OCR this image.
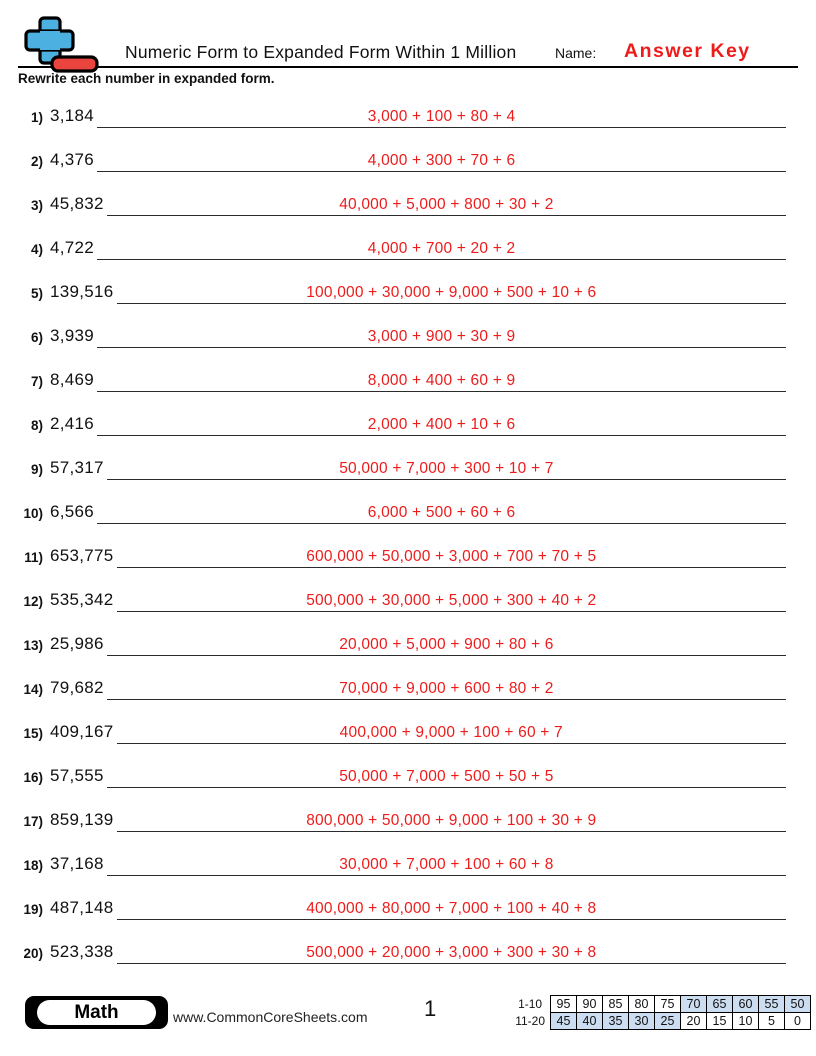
Numeric Form to Expanded Form Within 1 Million	Name: Answer Key
Rewrite each number in expanded form.
1) 3,184	3,000 + 100 + 80 + 4
2) 4,376	4,000 + 300 + 70 + 6
3) 45,832	40,000 + 5,000 + 800 + 30 + 2
4) 4,722	4,000 + 700 + 20 + 2
5) 139,516	100,000 + 30,000 + 9,000 + 500 + 10 + 6
6) 3,939	3,000 + 900 + 30 + 9
7) 8,469	8,000 + 400 + 60 + 9
8) 2,416	2,000 + 400 + 10 + 6
9) 57,317	50,000 + 7,000 + 300 + 10 + 7
10) 6,566	6,000 + 500 + 60 + 6
11) 653,775	600,000 + 50,000 + 3,000 + 700 + 70 + 5
12) 535,342	500,000 + 30,000 + 5,000 + 300 + 40 + 2
13) 25,986	20,000 + 5,000 + 900 + 80 + 6
14) 79,682	70,000 + 9,000 + 600 + 80 + 2
15) 409,167	400,000 + 9,000 + 100 + 60 + 7
16) 57,555	50,000 + 7,000 + 500 + 50 + 5
17) 859,139	800,000 + 50,000 + 9,000 + 100 + 30 + 9
18) 37,168	30,000 + 7,000 + 100 + 60 + 8
19) 487,148	400,000 + 80,000 + 7,000 + 100 + 40 + 8
20) 523,338	500,000 + 20,000 + 3,000 + 300 + 30 + 8
Math	www.CommonCoreSheets.com	1	1-10	95	90	85	80	75	70	65	60	55	50
11-20	45	40	35	30	25	20	15	10	5	0
